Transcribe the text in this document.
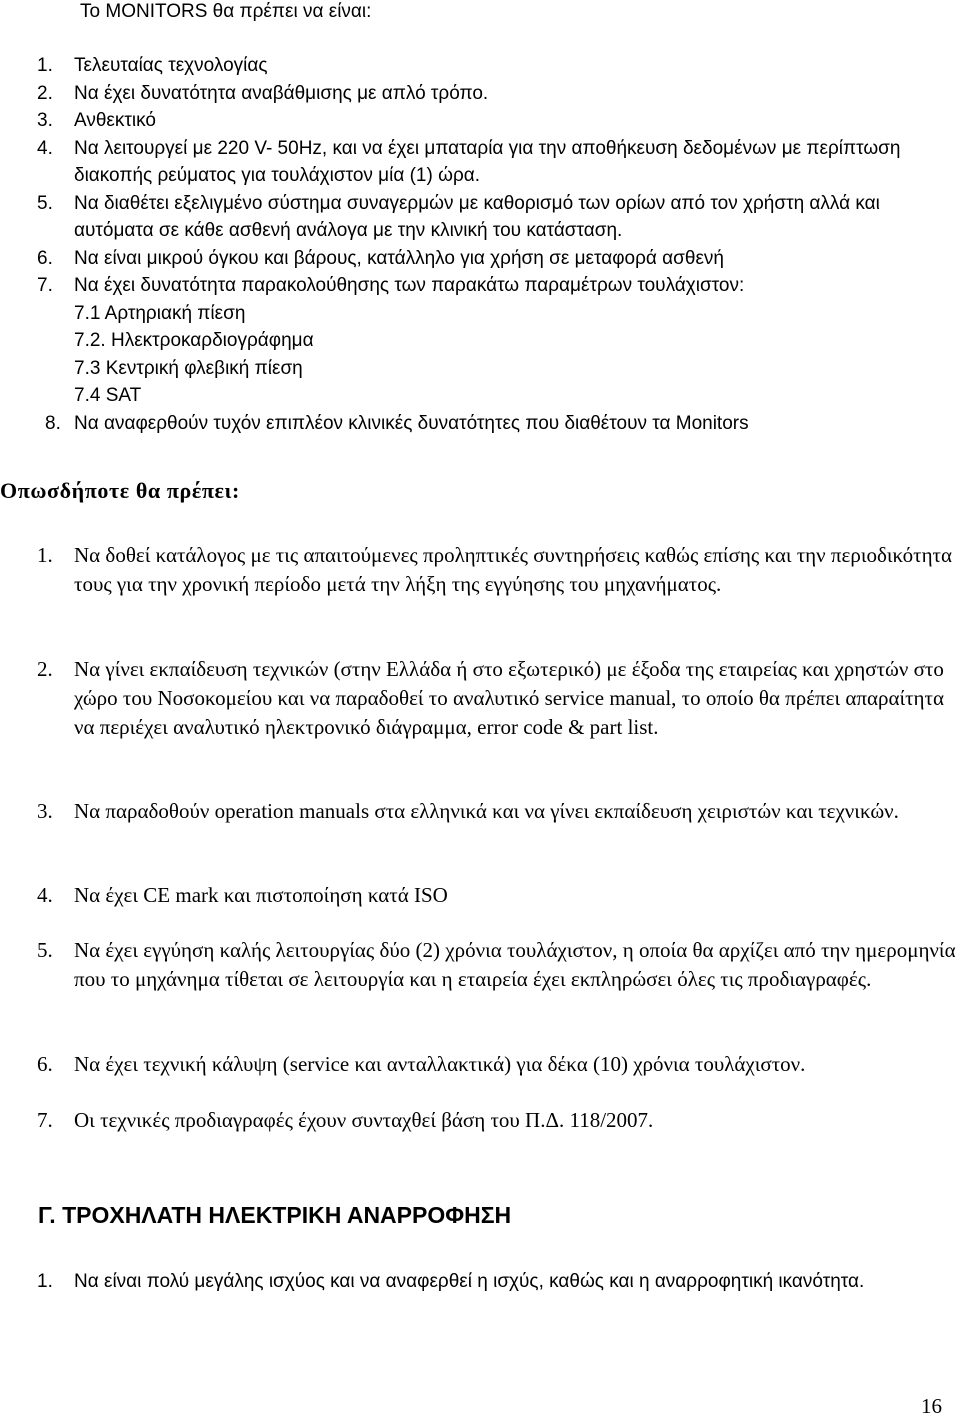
Το MONITORS θα πρέπει να είναι:

1. Τελευταίας τεχνολογίας
2. Να έχει δυνατότητα αναβάθμισης με απλό τρόπο.
3. Ανθεκτικό
4. Να λειτουργεί με 220 V- 50Hz, και να έχει μπαταρία για την αποθήκευση δεδομένων με περίπτωση διακοπής ρεύματος για τουλάχιστον μία (1) ώρα.
5. Να διαθέτει εξελιγμένο σύστημα συναγερμών με καθορισμό των ορίων από τον χρήστη αλλά και αυτόματα σε κάθε ασθενή ανάλογα με την κλινική του κατάσταση.
6. Να είναι μικρού όγκου και βάρους, κατάλληλο για χρήση σε μεταφορά ασθενή
7. Να έχει δυνατότητα παρακολούθησης των παρακάτω παραμέτρων τουλάχιστον:
7.1 Αρτηριακή πίεση
7.2. Ηλεκτροκαρδιογράφημα
7.3 Κεντρική φλεβική πίεση
7.4 SAT
8. Να αναφερθούν τυχόν επιπλέον κλινικές δυνατότητες που διαθέτουν τα Monitors
Οπωσδήποτε θα πρέπει:
1. Να δοθεί κατάλογος με τις απαιτούμενες προληπτικές συντηρήσεις καθώς επίσης και την περιοδικότητα τους για την χρονική περίοδο μετά την λήξη της εγγύησης του μηχανήματος.

2. Να γίνει εκπαίδευση τεχνικών (στην Ελλάδα ή στο εξωτερικό) με έξοδα της εταιρείας και χρηστών στο χώρο του Νοσοκομείου και να παραδοθεί το αναλυτικό service manual, το οποίο θα πρέπει απαραίτητα να περιέχει αναλυτικό ηλεκτρονικό διάγραμμα, error code & part list.

3. Να παραδοθούν operation manuals στα ελληνικά και να γίνει εκπαίδευση χειριστών και τεχνικών.

4. Να έχει CE mark και πιστοποίηση κατά ISO

5. Να έχει εγγύηση καλής λειτουργίας δύο (2) χρόνια τουλάχιστον, η οποία θα αρχίζει από την ημερομηνία που το μηχάνημα τίθεται σε λειτουργία και η εταιρεία έχει εκπληρώσει όλες τις προδιαγραφές.

6. Να έχει τεχνική κάλυψη (service και ανταλλακτικά) για δέκα (10) χρόνια τουλάχιστον.

7. Οι τεχνικές προδιαγραφές έχουν συνταχθεί βάση του Π.Δ. 118/2007.

Γ. ΤΡΟΧΗΛΑΤΗ ΗΛΕΚΤΡΙΚΗ ΑΝΑΡΡΟΦΗΣΗ
1. Να είναι πολύ μεγάλης ισχύος και να αναφερθεί η ισχύς, καθώς και η αναρροφητική ικανότητα.

16
